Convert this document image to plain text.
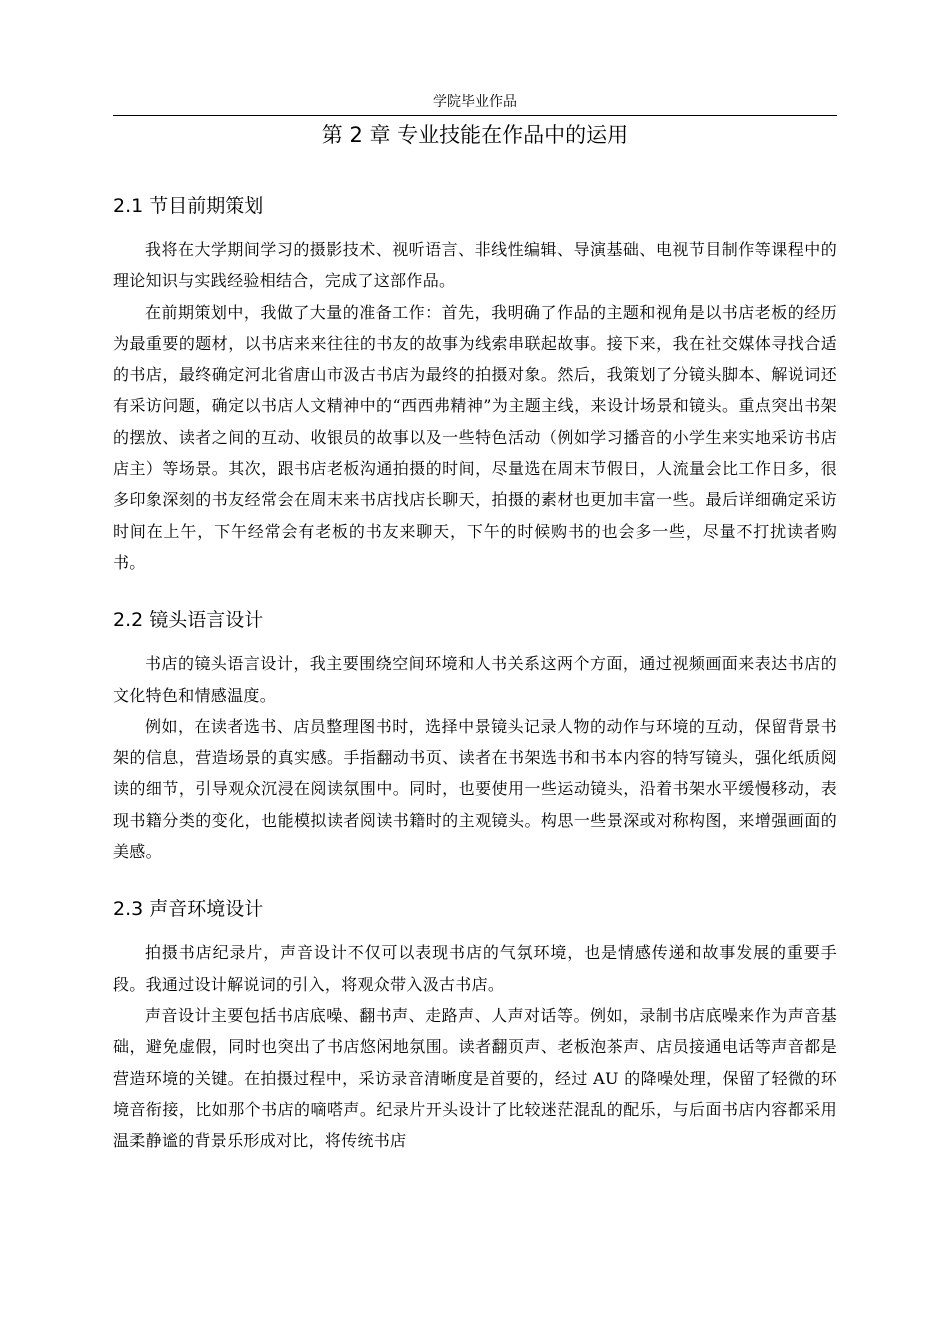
学院毕业作品
第 2 章 专业技能在作品中的运用
2.1 节目前期策划

我将在大学期间学习的摄影技术、视听语言、非线性编辑、导演基础、电视节目制作等课程中的理论知识与实践经验相结合，完成了这部作品。

在前期策划中，我做了大量的准备工作：首先，我明确了作品的主题和视角是以书店老板的经历为最重要的题材，以书店来来往往的书友的故事为线索串联起故事。接下来，我在社交媒体寻找合适的书店，最终确定河北省唐山市汲古书店为最终的拍摄对象。然后，我策划了分镜头脚本、解说词还有采访问题，确定以书店人文精神中的“西西弗精神”为主题主线，来设计场景和镜头。重点突出书架的摆放、读者之间的互动、收银员的故事以及一些特色活动（例如学习播音的小学生来实地采访书店店主）等场景。其次，跟书店老板沟通拍摄的时间，尽量选在周末节假日，人流量会比工作日多，很多印象深刻的书友经常会在周末来书店找店长聊天，拍摄的素材也更加丰富一些。最后详细确定采访时间在上午，下午经常会有老板的书友来聊天，下午的时候购书的也会多一些，尽量不打扰读者购书。

2.2 镜头语言设计

书店的镜头语言设计，我主要围绕空间环境和人书关系这两个方面，通过视频画面来表达书店的文化特色和情感温度。

例如，在读者选书、店员整理图书时，选择中景镜头记录人物的动作与环境的互动，保留背景书架的信息，营造场景的真实感。手指翻动书页、读者在书架选书和书本内容的特写镜头，强化纸质阅读的细节，引导观众沉浸在阅读氛围中。同时，也要使用一些运动镜头，沿着书架水平缓慢移动，表现书籍分类的变化，也能模拟读者阅读书籍时的主观镜头。构思一些景深或对称构图，来增强画面的美感。

2.3 声音环境设计

拍摄书店纪录片，声音设计不仅可以表现书店的气氛环境，也是情感传递和故事发展的重要手段。我通过设计解说词的引入，将观众带入汲古书店。

声音设计主要包括书店底噪、翻书声、走路声、人声对话等。例如，录制书店底噪来作为声音基础，避免虚假，同时也突出了书店悠闲地氛围。读者翻页声、老板泡茶声、店员接通电话等声音都是营造环境的关键。在拍摄过程中，采访录音清晰度是首要的，经过 AU 的降噪处理，保留了轻微的环境音衔接，比如那个书店的嘀嗒声。纪录片开头设计了比较迷茫混乱的配乐，与后面书店内容都采用温柔静谧的背景乐形成对比，将传统书店
